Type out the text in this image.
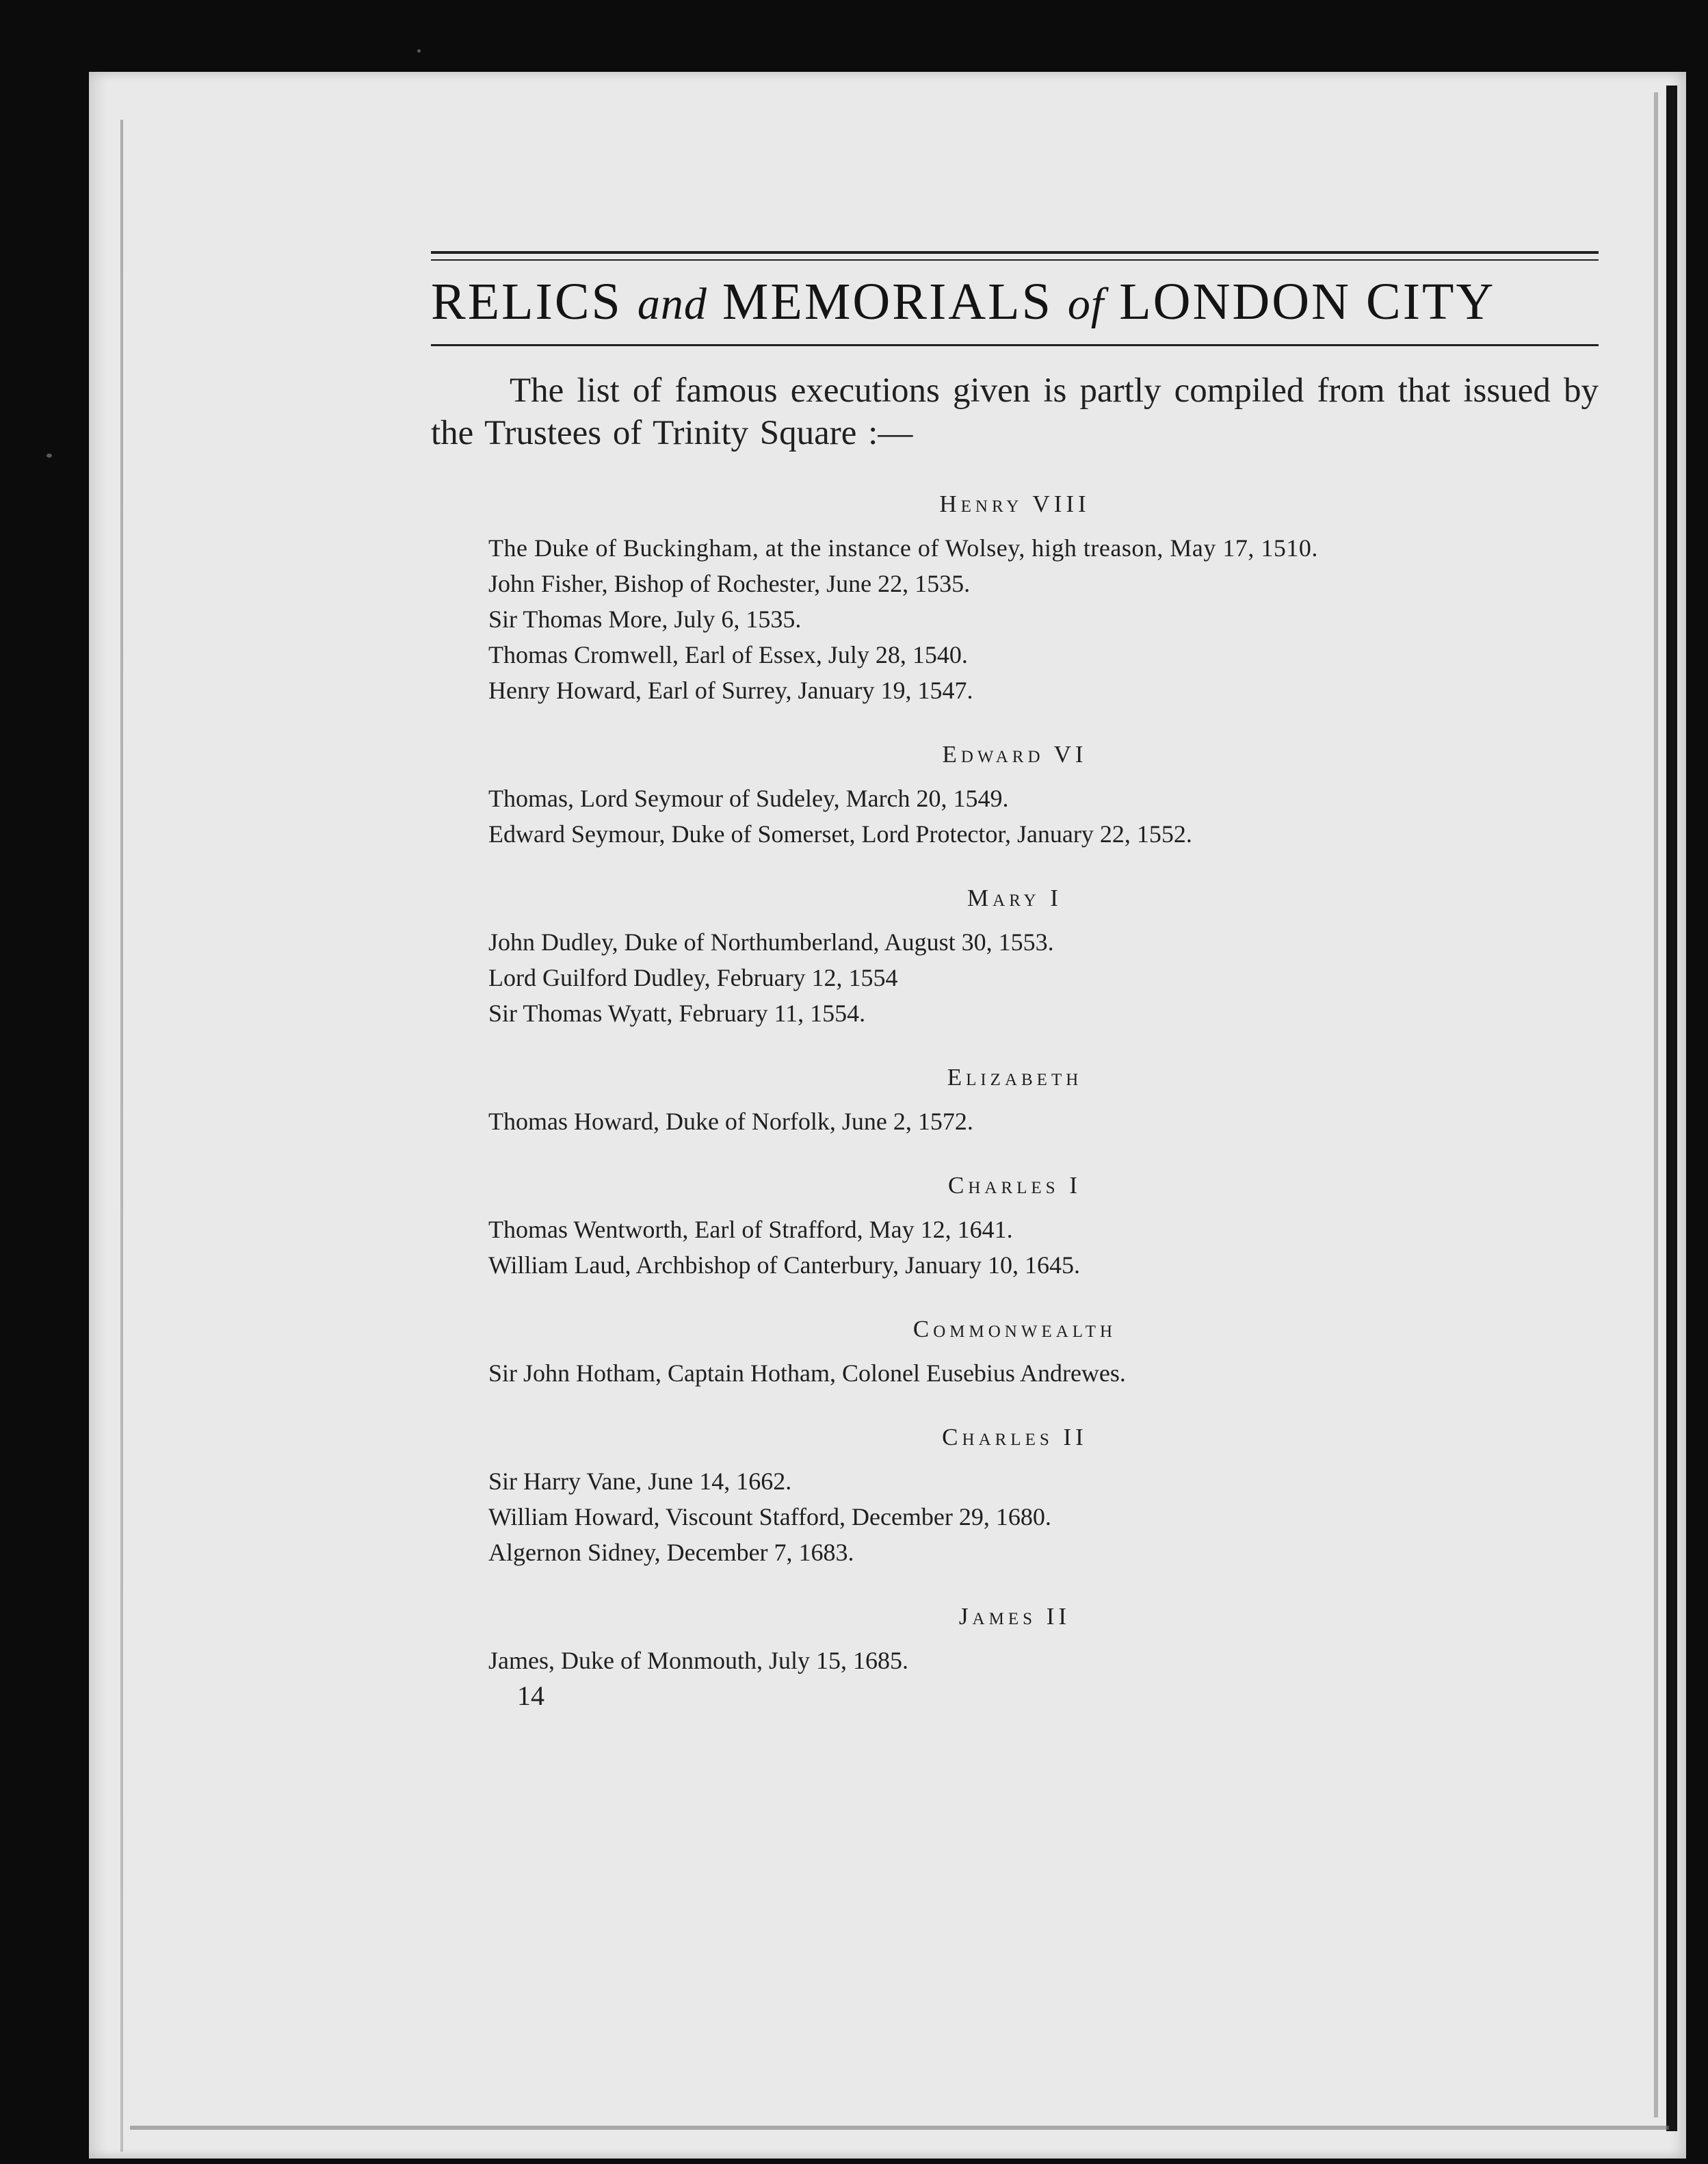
RELICS and MEMORIALS of LONDON CITY

The list of famous executions given is partly compiled from that issued by the Trustees of Trinity Square :—

Henry VIII
The Duke of Buckingham, at the instance of Wolsey, high treason, May 17, 1510.
John Fisher, Bishop of Rochester, June 22, 1535.
Sir Thomas More, July 6, 1535.
Thomas Cromwell, Earl of Essex, July 28, 1540.
Henry Howard, Earl of Surrey, January 19, 1547.
Edward VI
Thomas, Lord Seymour of Sudeley, March 20, 1549.
Edward Seymour, Duke of Somerset, Lord Protector, January 22, 1552.
Mary I
John Dudley, Duke of Northumberland, August 30, 1553.
Lord Guilford Dudley, February 12, 1554
Sir Thomas Wyatt, February 11, 1554.
Elizabeth
Thomas Howard, Duke of Norfolk, June 2, 1572.
Charles I
Thomas Wentworth, Earl of Strafford, May 12, 1641.
William Laud, Archbishop of Canterbury, January 10, 1645.
Commonwealth
Sir John Hotham, Captain Hotham, Colonel Eusebius Andrewes.
Charles II
Sir Harry Vane, June 14, 1662.
William Howard, Viscount Stafford, December 29, 1680.
Algernon Sidney, December 7, 1683.
James II
James, Duke of Monmouth, July 15, 1685.
14
